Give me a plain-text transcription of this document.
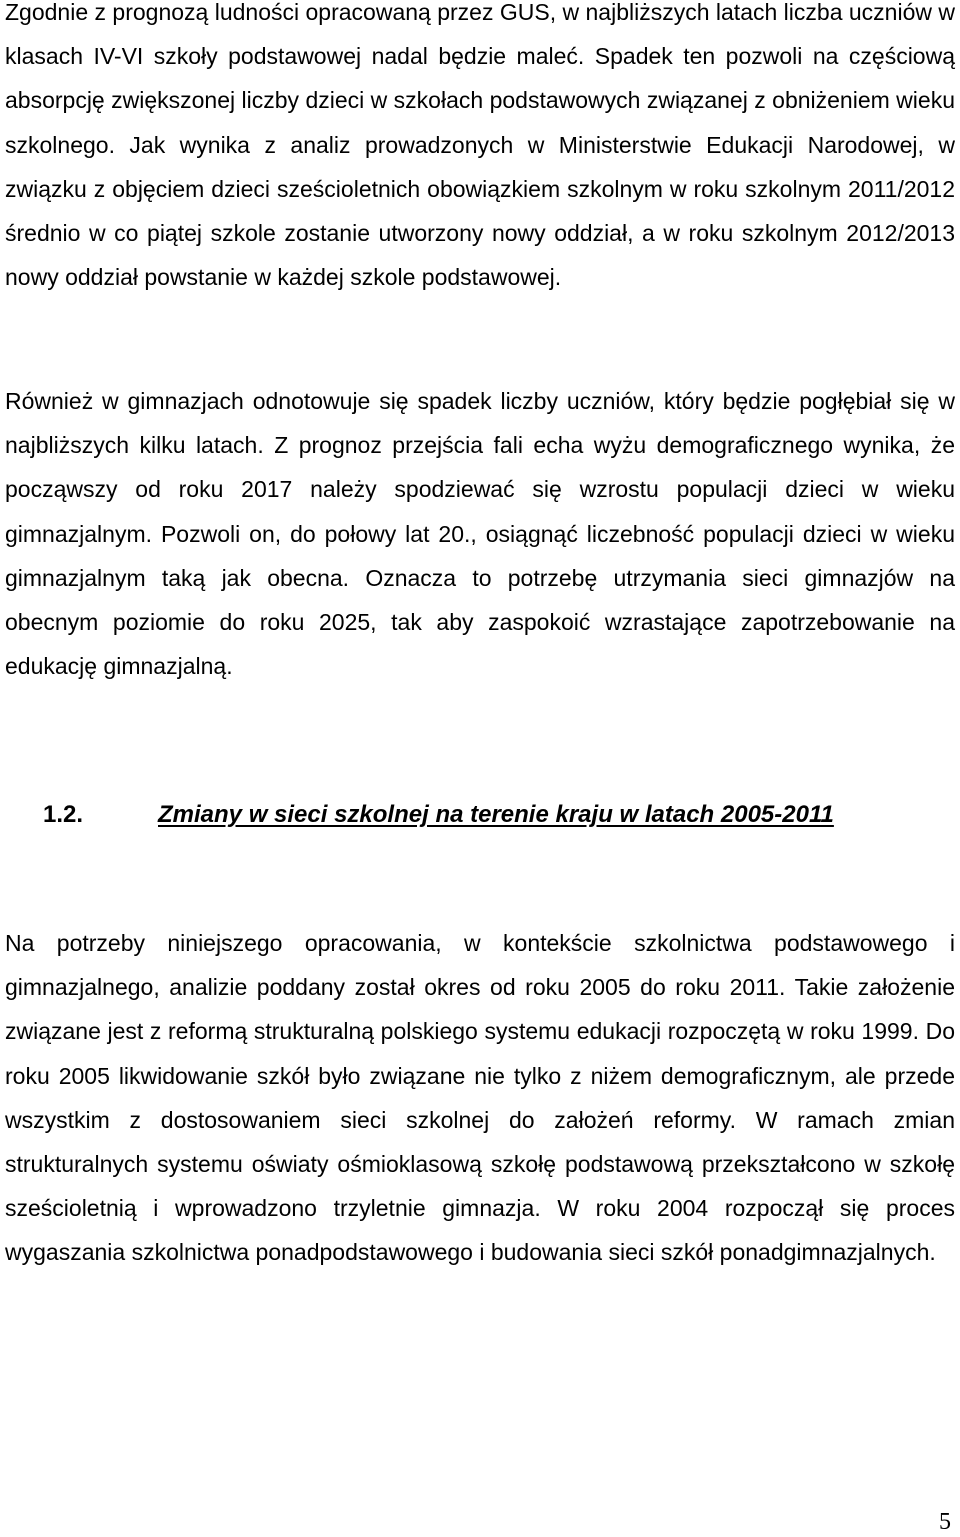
Zgodnie z prognozą ludności opracowaną przez GUS, w najbliższych latach liczba uczniów w klasach IV-VI szkoły podstawowej nadal będzie maleć. Spadek ten pozwoli na częściową absorpcję zwiększonej liczby dzieci w szkołach podstawowych związanej z obniżeniem wieku szkolnego. Jak wynika z analiz prowadzonych w Ministerstwie Edukacji Narodowej, w związku z objęciem dzieci sześcioletnich obowiązkiem szkolnym w roku szkolnym 2011/2012 średnio w co piątej szkole zostanie utworzony nowy oddział, a w roku szkolnym 2012/2013 nowy oddział powstanie w każdej szkole podstawowej.

Również w gimnazjach odnotowuje się spadek liczby uczniów, który będzie pogłębiał się w najbliższych kilku latach. Z prognoz przejścia fali echa wyżu demograficznego wynika, że począwszy od roku 2017 należy spodziewać się wzrostu populacji dzieci w wieku gimnazjalnym. Pozwoli on, do połowy lat 20., osiągnąć liczebność populacji dzieci w wieku gimnazjalnym taką jak obecna. Oznacza to potrzebę utrzymania sieci gimnazjów na obecnym poziomie do roku 2025, tak aby zaspokoić wzrastające zapotrzebowanie na edukację gimnazjalną.

1.2.	Zmiany w sieci szkolnej na terenie kraju w latach 2005-2011

Na potrzeby niniejszego opracowania, w kontekście szkolnictwa podstawowego i gimnazjalnego, analizie poddany został okres od roku 2005 do roku 2011. Takie założenie związane jest z reformą strukturalną polskiego systemu edukacji rozpoczętą w roku 1999. Do roku 2005 likwidowanie szkół było związane nie tylko z niżem demograficznym, ale przede wszystkim z dostosowaniem sieci szkolnej do założeń reformy. W ramach zmian strukturalnych systemu oświaty ośmioklasową szkołę podstawową przekształcono w szkołę sześcioletnią i wprowadzono trzyletnie gimnazja. W roku 2004 rozpoczął się proces wygaszania szkolnictwa ponadpodstawowego i budowania sieci szkół ponadgimnazjalnych.

5
